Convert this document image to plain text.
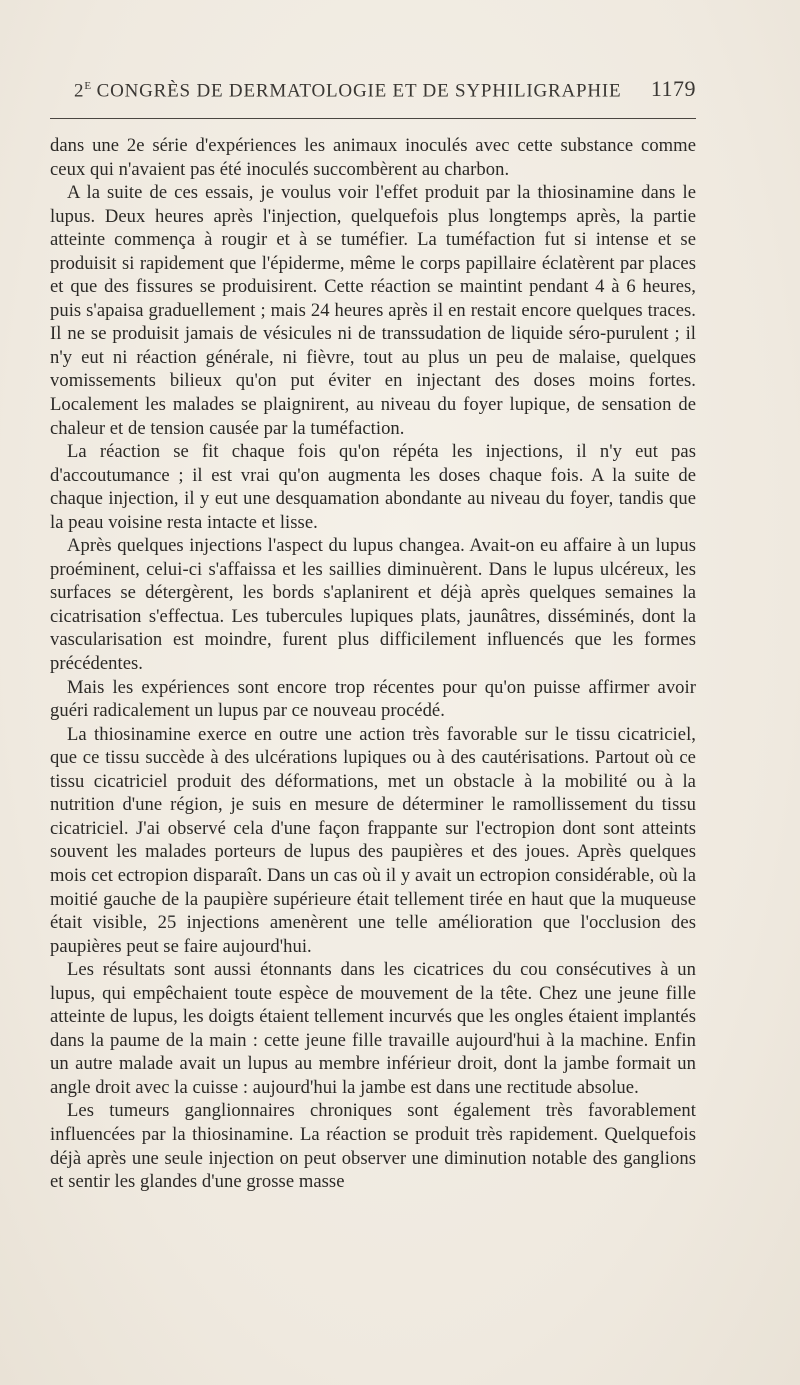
$2^E$ CONGRÈS DE DERMATOLOGIE ET DE SYPHILIGRAPHIE 1179

dans une 2e série d'expériences les animaux inoculés avec cette substance comme ceux qui n'avaient pas été inoculés succombèrent au charbon.

A la suite de ces essais, je voulus voir l'effet produit par la thiosinamine dans le lupus. Deux heures après l'injection, quelquefois plus longtemps après, la partie atteinte commença à rougir et à se tuméfier. La tuméfaction fut si intense et se produisit si rapidement que l'épiderme, même le corps papillaire éclatèrent par places et que des fissures se produisirent. Cette réaction se maintint pendant 4 à 6 heures, puis s'apaisa graduellement ; mais 24 heures après il en restait encore quelques traces. Il ne se produisit jamais de vésicules ni de transsudation de liquide séro-purulent ; il n'y eut ni réaction générale, ni fièvre, tout au plus un peu de malaise, quelques vomissements bilieux qu'on put éviter en injectant des doses moins fortes. Localement les malades se plaignirent, au niveau du foyer lupique, de sensation de chaleur et de tension causée par la tuméfaction.

La réaction se fit chaque fois qu'on répéta les injections, il n'y eut pas d'accoutumance ; il est vrai qu'on augmenta les doses chaque fois. A la suite de chaque injection, il y eut une desquamation abondante au niveau du foyer, tandis que la peau voisine resta intacte et lisse.

Après quelques injections l'aspect du lupus changea. Avait-on eu affaire à un lupus proéminent, celui-ci s'affaissa et les saillies diminuèrent. Dans le lupus ulcéreux, les surfaces se détergèrent, les bords s'aplanirent et déjà après quelques semaines la cicatrisation s'effectua. Les tubercules lupiques plats, jaunâtres, disséminés, dont la vascularisation est moindre, furent plus difficilement influencés que les formes précédentes.

Mais les expériences sont encore trop récentes pour qu'on puisse affirmer avoir guéri radicalement un lupus par ce nouveau procédé.

La thiosinamine exerce en outre une action très favorable sur le tissu cicatriciel, que ce tissu succède à des ulcérations lupiques ou à des cautérisations. Partout où ce tissu cicatriciel produit des déformations, met un obstacle à la mobilité ou à la nutrition d'une région, je suis en mesure de déterminer le ramollissement du tissu cicatriciel. J'ai observé cela d'une façon frappante sur l'ectropion dont sont atteints souvent les malades porteurs de lupus des paupières et des joues. Après quelques mois cet ectropion disparaît. Dans un cas où il y avait un ectropion considérable, où la moitié gauche de la paupière supérieure était tellement tirée en haut que la muqueuse était visible, 25 injections amenèrent une telle amélioration que l'occlusion des paupières peut se faire aujourd'hui.

Les résultats sont aussi étonnants dans les cicatrices du cou consécutives à un lupus, qui empêchaient toute espèce de mouvement de la tête. Chez une jeune fille atteinte de lupus, les doigts étaient tellement incurvés que les ongles étaient implantés dans la paume de la main : cette jeune fille travaille aujourd'hui à la machine. Enfin un autre malade avait un lupus au membre inférieur droit, dont la jambe formait un angle droit avec la cuisse : aujourd'hui la jambe est dans une rectitude absolue.

Les tumeurs ganglionnaires chroniques sont également très favorablement influencées par la thiosinamine. La réaction se produit très rapidement. Quelquefois déjà après une seule injection on peut observer une diminution notable des ganglions et sentir les glandes d'une grosse masse
